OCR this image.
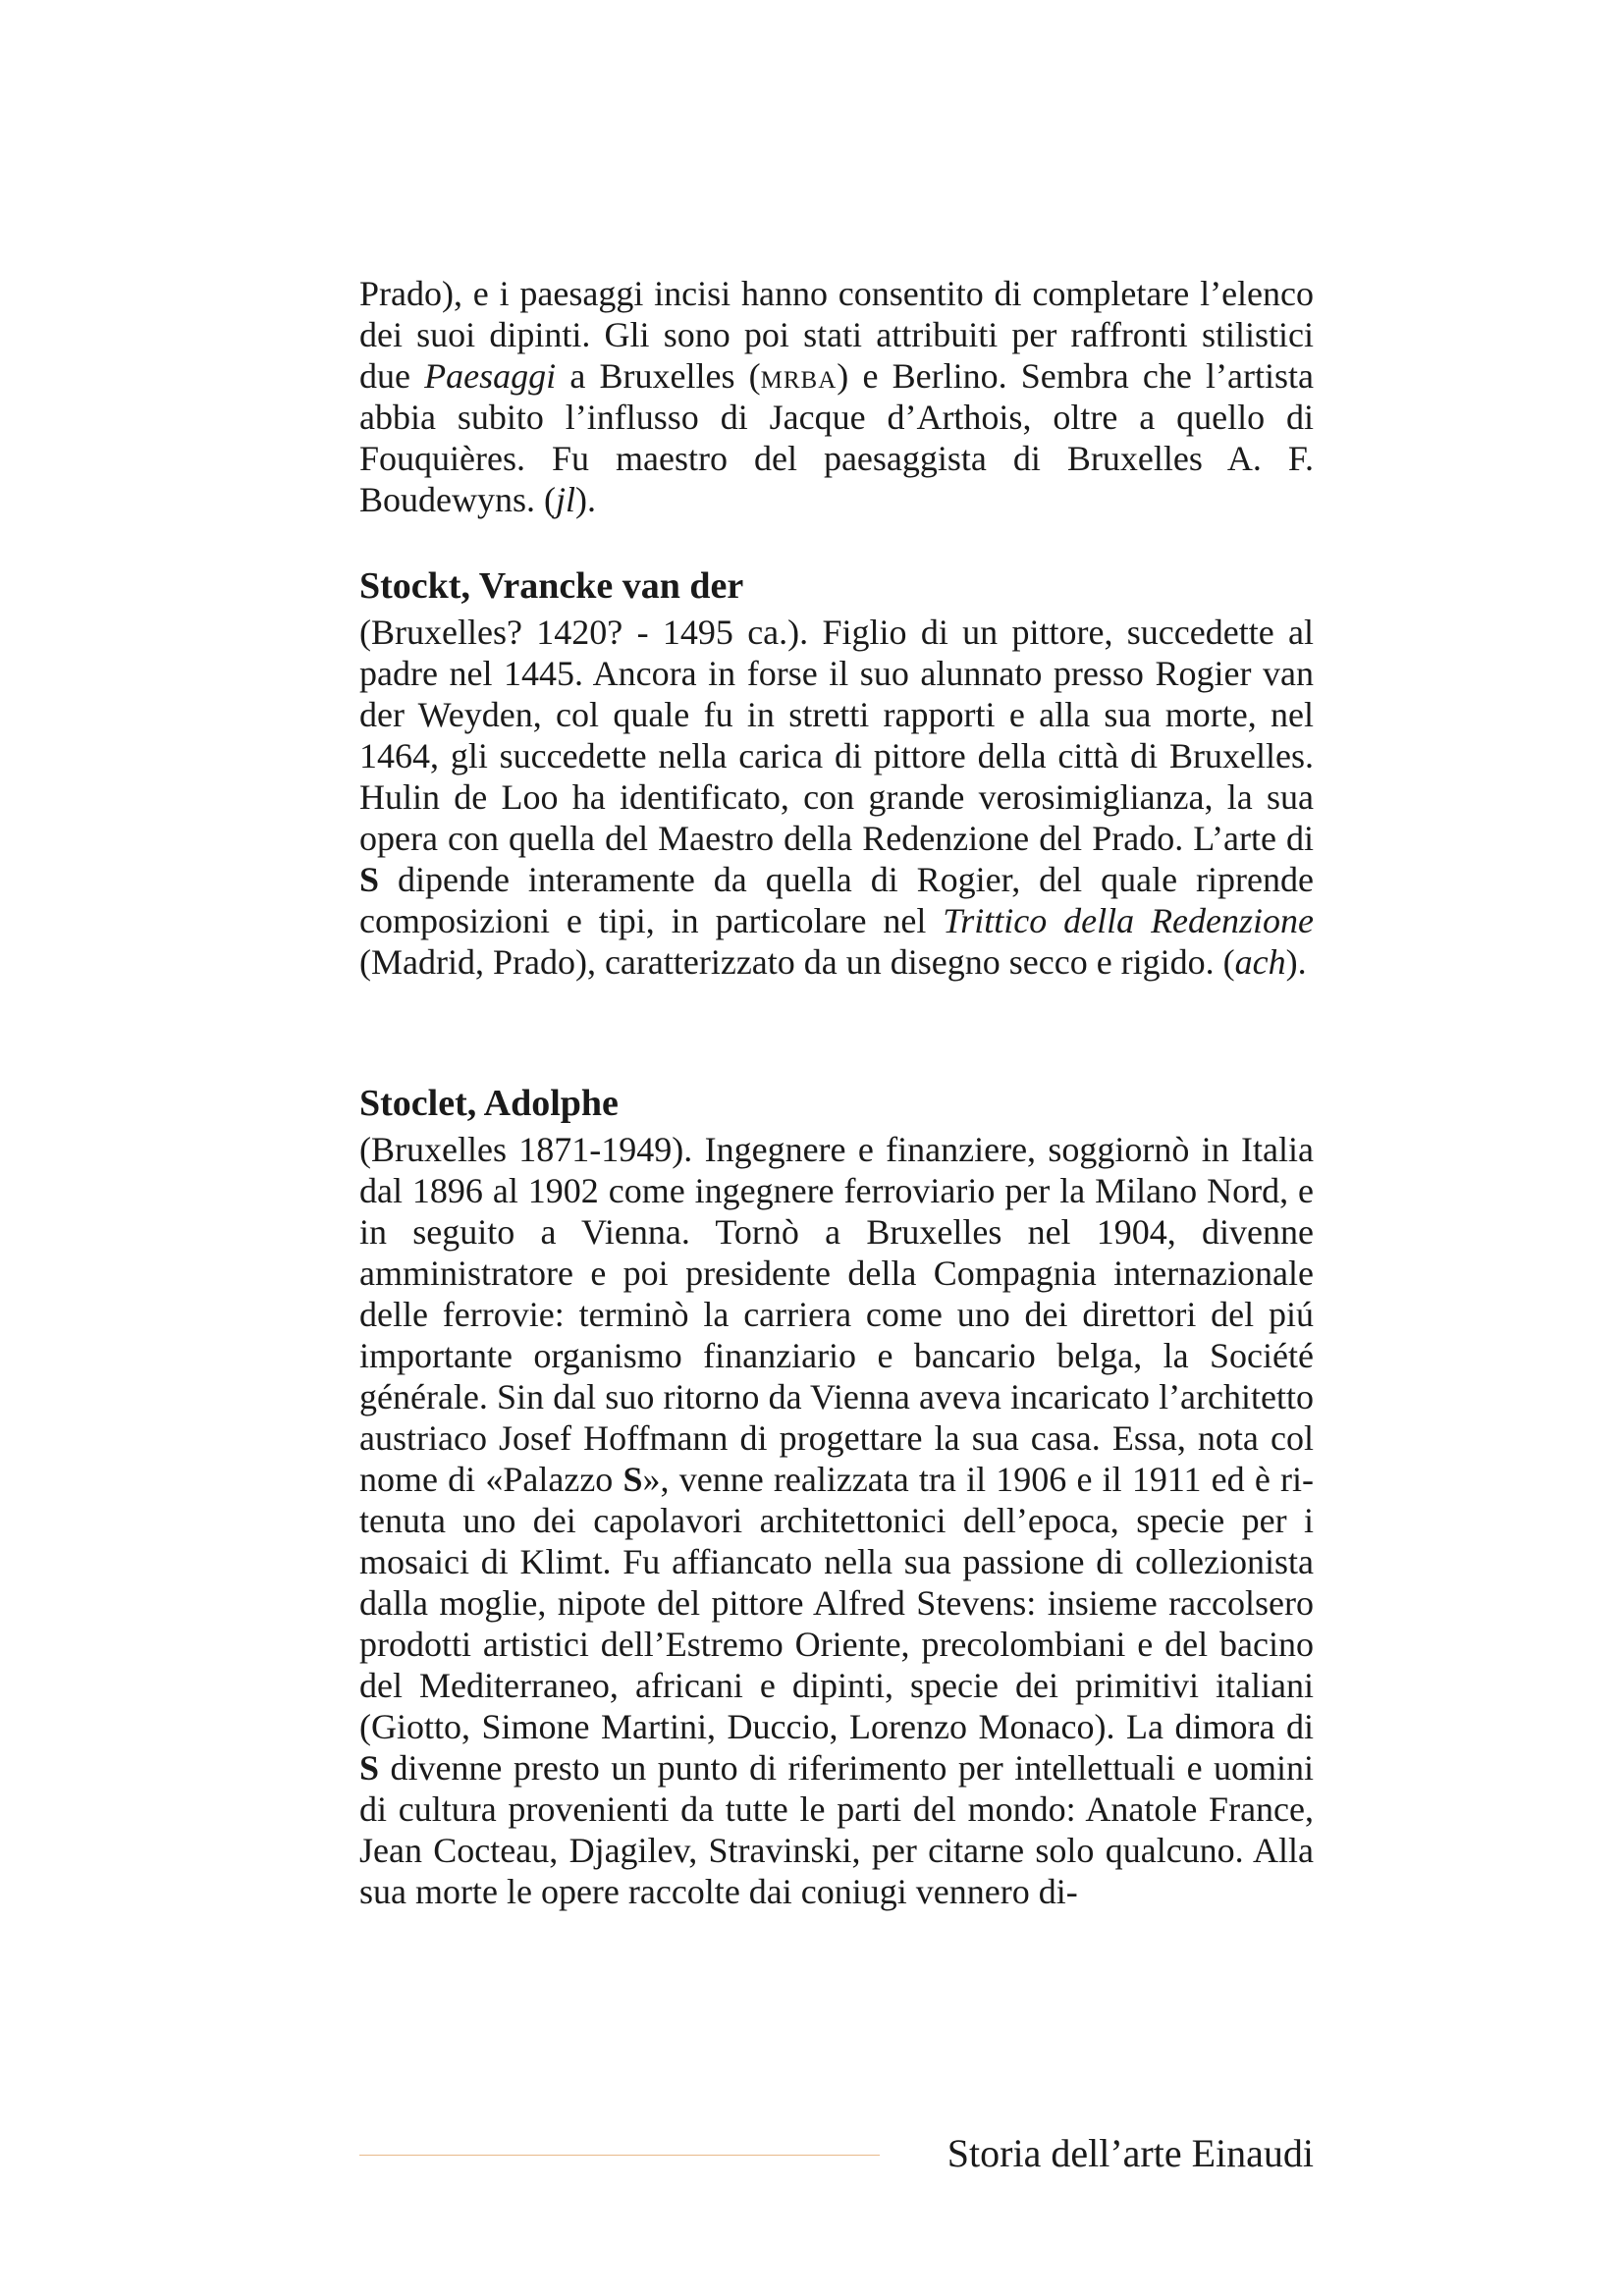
Prado), e i paesaggi incisi hanno consentito di completare l’elenco dei suoi dipinti. Gli sono poi stati attribuiti per raffronti stilistici due Paesaggi a Bruxelles (mrba) e Berlino. Sembra che l’artista abbia subito l’influsso di Jacque d’Arthois, oltre a quello di Fouquières. Fu maestro del paesaggista di Bruxelles A. F. Boudewyns. (jl).

Stockt, Vrancke van der

(Bruxelles? 1420? - 1495 ca.). Figlio di un pittore, succedette al padre nel 1445. Ancora in forse il suo alunnato presso Rogier van der Weyden, col quale fu in stretti rapporti e alla sua morte, nel 1464, gli succedette nella carica di pittore della città di Bruxelles. Hulin de Loo ha identificato, con grande verosimiglianza, la sua opera con quella del Maestro della Redenzione del Prado. L’arte di S dipende interamente da quella di Rogier, del quale riprende composizioni e tipi, in particolare nel Trittico della Redenzione (Madrid, Prado), caratterizzato da un disegno secco e rigido. (ach).

Stoclet, Adolphe

(Bruxelles 1871-1949). Ingegnere e finanziere, soggiornò in Italia dal 1896 al 1902 come ingegnere ferroviario per la Milano Nord, e in seguito a Vienna. Tornò a Bruxelles nel 1904, divenne amministratore e poi presidente della Compagnia internazionale delle ferrovie: terminò la carriera come uno dei direttori del piú importante organismo finanziario e bancario belga, la Société générale. Sin dal suo ritorno da Vienna aveva incaricato l’architetto austriaco Josef Hoffmann di progettare la sua casa. Essa, nota col nome di «Palazzo S», venne realizzata tra il 1906 e il 1911 ed è ritenuta uno dei capolavori architettonici dell’epoca, specie per i mosaici di Klimt. Fu affiancato nella sua passione di collezionista dalla moglie, nipote del pittore Alfred Stevens: insieme raccolsero prodotti artistici dell’Estremo Oriente, precolombiani e del bacino del Mediterraneo, africani e dipinti, specie dei primitivi italiani (Giotto, Simone Martini, Duccio, Lorenzo Monaco). La dimora di S divenne presto un punto di riferimento per intellettuali e uomini di cultura provenienti da tutte le parti del mondo: Anatole France, Jean Cocteau, Djagilev, Stravinski, per citarne solo qualcuno. Alla sua morte le opere raccolte dai coniugi vennero di-

Storia dell’arte Einaudi
